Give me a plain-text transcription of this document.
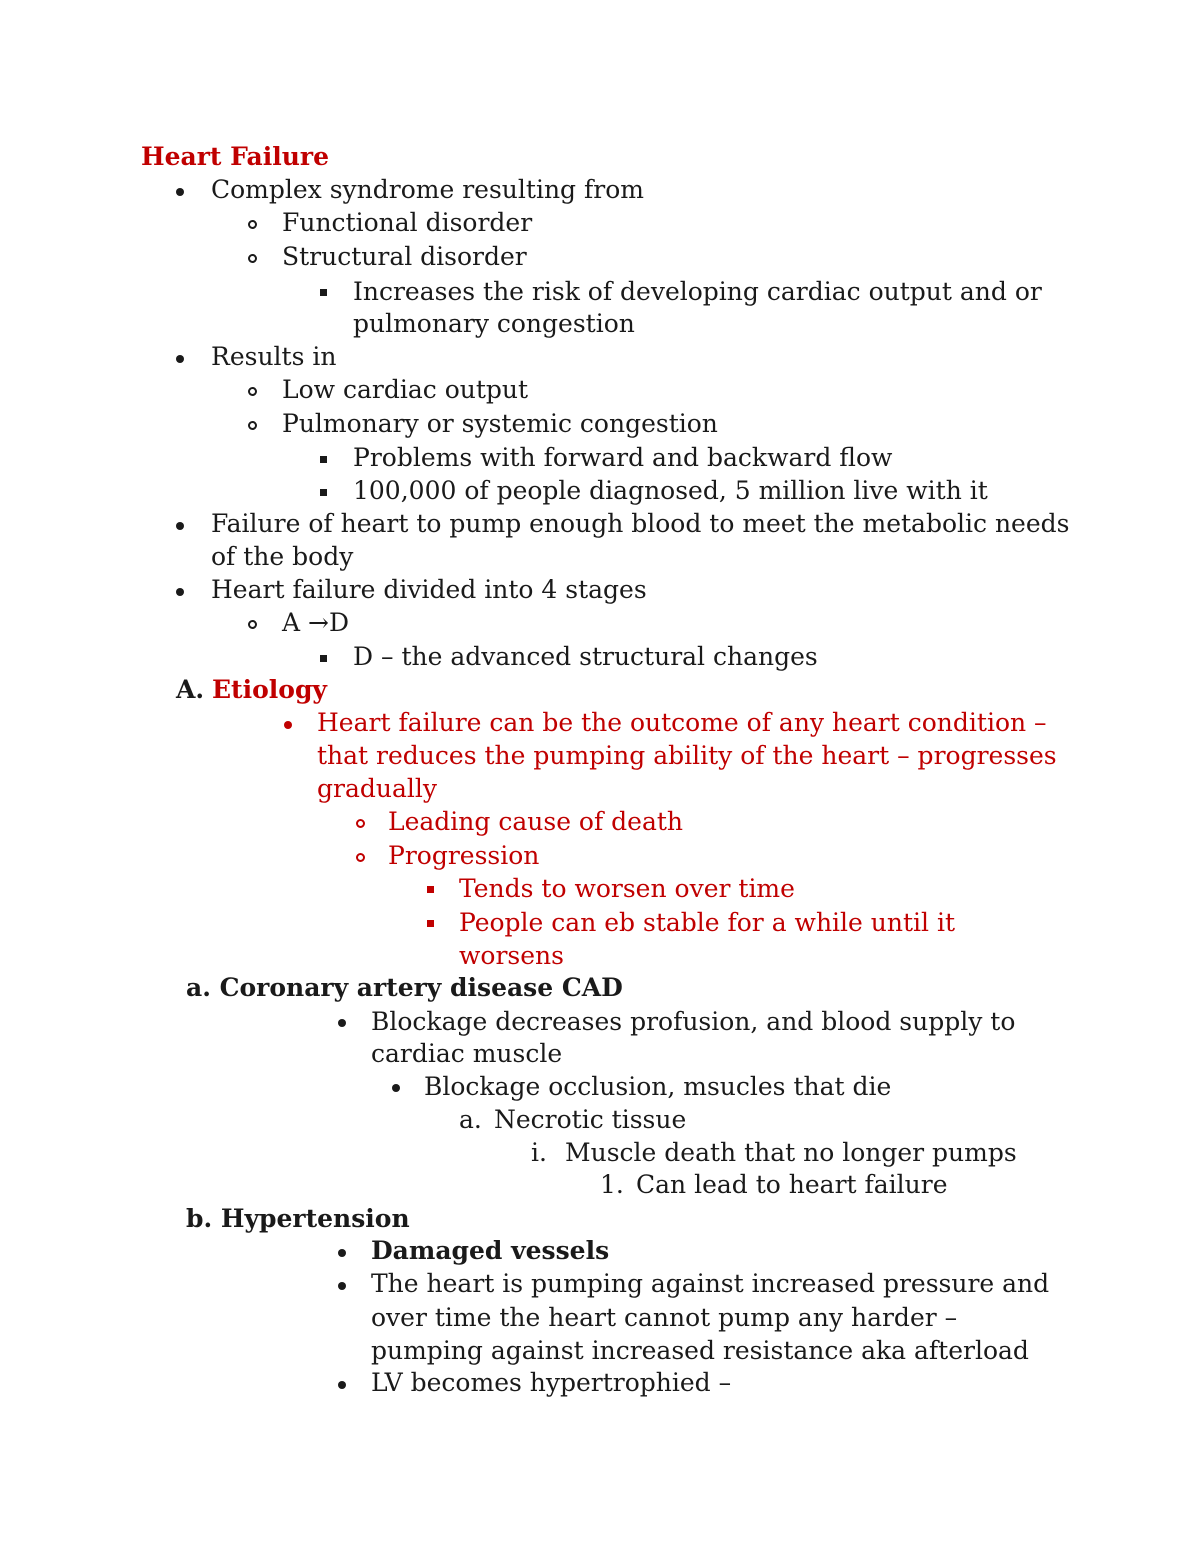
Heart Failure
Complex syndrome resulting from
Functional disorder
Structural disorder
Increases the risk of developing cardiac output and or
pulmonary congestion
Results in
Low cardiac output
Pulmonary or systemic congestion
Problems with forward and backward flow
100,000 of people diagnosed, 5 million live with it
Failure of heart to pump enough blood to meet the metabolic needs
of the body
Heart failure divided into 4 stages
A →D
D – the advanced structural changes
A. Etiology
Heart failure can be the outcome of any heart condition –
that reduces the pumping ability of the heart – progresses
gradually
Leading cause of death
Progression
Tends to worsen over time
People can eb stable for a while until it
worsens
a. Coronary artery disease CAD
Blockage decreases profusion, and blood supply to
cardiac muscle
Blockage occlusion, msucles that die
a. Necrotic tissue
i. Muscle death that no longer pumps
1. Can lead to heart failure
b. Hypertension
Damaged vessels
The heart is pumping against increased pressure and
over time the heart cannot pump any harder –
pumping against increased resistance aka afterload
LV becomes hypertrophied –
